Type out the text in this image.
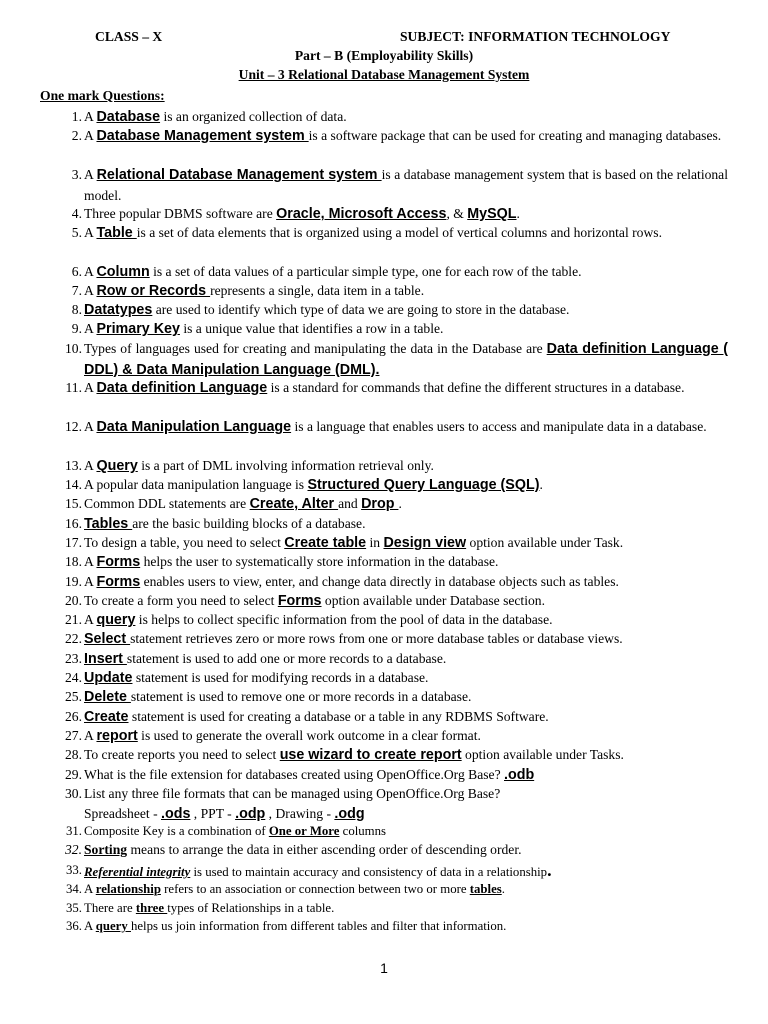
CLASS – X	SUBJECT: INFORMATION TECHNOLOGY
Part – B (Employability Skills)
Unit – 3 Relational Database Management System
One mark Questions:
1. A Database is an organized collection of data.
2. A Database Management system is a software package that can be used for creating and managing databases.
3. A Relational Database Management system is a database management system that is based on the relational model.
4. Three popular DBMS software are Oracle, Microsoft Access, & MySQL.
5. A Table is a set of data elements that is organized using a model of vertical columns and horizontal rows.
6. A Column is a set of data values of a particular simple type, one for each row of the table.
7. A Row or Records represents a single, data item in a table.
8. Datatypes are used to identify which type of data we are going to store in the database.
9. A Primary Key is a unique value that identifies a row in a table.
10. Types of languages used for creating and manipulating the data in the Database are Data definition Language ( DDL) & Data Manipulation Language (DML).
11. A Data definition Language is a standard for commands that define the different structures in a database.
12. A Data Manipulation Language is a language that enables users to access and manipulate data in a database.
13. A Query is a part of DML involving information retrieval only.
14. A popular data manipulation language is Structured Query Language (SQL).
15. Common DDL statements are Create, Alter and Drop .
16. Tables are the basic building blocks of a database.
17. To design a table, you need to select Create table in Design view option available under Task.
18. A Forms helps the user to systematically store information in the database.
19. A Forms enables users to view, enter, and change data directly in database objects such as tables.
20. To create a form you need to select Forms option available under Database section.
21. A query is helps to collect specific information from the pool of data in the database.
22. Select statement retrieves zero or more rows from one or more database tables or database views.
23. Insert statement is used to add one or more records to a database.
24. Update statement is used for modifying records in a database.
25. Delete statement is used to remove one or more records in a database.
26. Create statement is used for creating a database or a table in any RDBMS Software.
27. A report is used to generate the overall work outcome in a clear format.
28. To create reports you need to select use wizard to create report option available under Tasks.
29. What is the file extension for databases created using OpenOffice.Org Base? .odb
30. List any three file formats that can be managed using OpenOffice.Org Base?
Spreadsheet - .ods , PPT - .odp , Drawing - .odg
31. Composite Key is a combination of One or More columns
32. Sorting means to arrange the data in either ascending order of descending order.
33. Referential integrity is used to maintain accuracy and consistency of data in a relationship.
34. A relationship refers to an association or connection between two or more tables.
35. There are three types of Relationships in a table.
36. A query helps us join information from different tables and filter that information.
1
